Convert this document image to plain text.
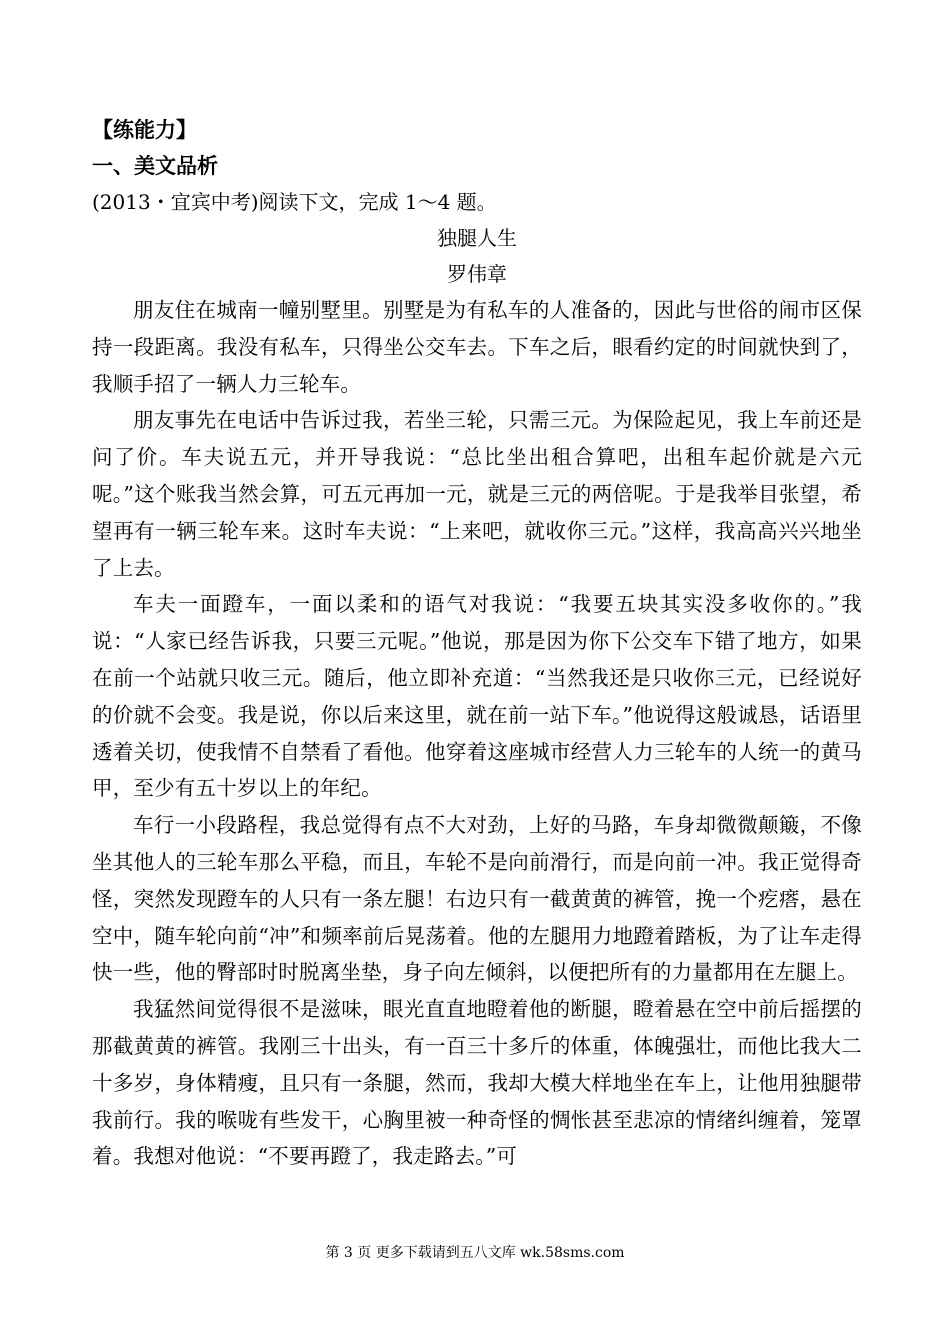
【练能力】
一、美文品析
(2013・宜宾中考)阅读下文，完成 1～4 题。
独腿人生
罗伟章

朋友住在城南一幢别墅里。别墅是为有私车的人准备的，因此与世俗的闹市区保持一段距离。我没有私车，只得坐公交车去。下车之后，眼看约定的时间就快到了，我顺手招了一辆人力三轮车。

朋友事先在电话中告诉过我，若坐三轮，只需三元。为保险起见，我上车前还是问了价。车夫说五元，并开导我说：“总比坐出租合算吧，出租车起价就是六元呢。”这个账我当然会算，可五元再加一元，就是三元的两倍呢。于是我举目张望，希望再有一辆三轮车来。这时车夫说：“上来吧，就收你三元。”这样，我高高兴兴地坐了上去。

车夫一面蹬车，一面以柔和的语气对我说：“我要五块其实没多收你的。”我说：“人家已经告诉我，只要三元呢。”他说，那是因为你下公交车下错了地方，如果在前一个站就只收三元。随后，他立即补充道：“当然我还是只收你三元，已经说好的价就不会变。我是说，你以后来这里，就在前一站下车。”他说得这般诚恳，话语里透着关切，使我情不自禁看了看他。他穿着这座城市经营人力三轮车的人统一的黄马甲，至少有五十岁以上的年纪。

车行一小段路程，我总觉得有点不大对劲，上好的马路，车身却微微颠簸，不像坐其他人的三轮车那么平稳，而且，车轮不是向前滑行，而是向前一冲。我正觉得奇怪，突然发现蹬车的人只有一条左腿！右边只有一截黄黄的裤管，挽一个疙瘩，悬在空中，随车轮向前“冲”和频率前后晃荡着。他的左腿用力地蹬着踏板，为了让车走得快一些，他的臀部时时脱离坐垫，身子向左倾斜，以便把所有的力量都用在左腿上。

我猛然间觉得很不是滋味，眼光直直地瞪着他的断腿，瞪着悬在空中前后摇摆的那截黄黄的裤管。我刚三十出头，有一百三十多斤的体重，体魄强壮，而他比我大二十多岁，身体精瘦，且只有一条腿，然而，我却大模大样地坐在车上，让他用独腿带我前行。我的喉咙有些发干，心胸里被一种奇怪的惆怅甚至悲凉的情绪纠缠着，笼罩着。我想对他说：“不要再蹬了，我走路去。”可

第 3 页 更多下载请到五八文库 wk.58sms.com
